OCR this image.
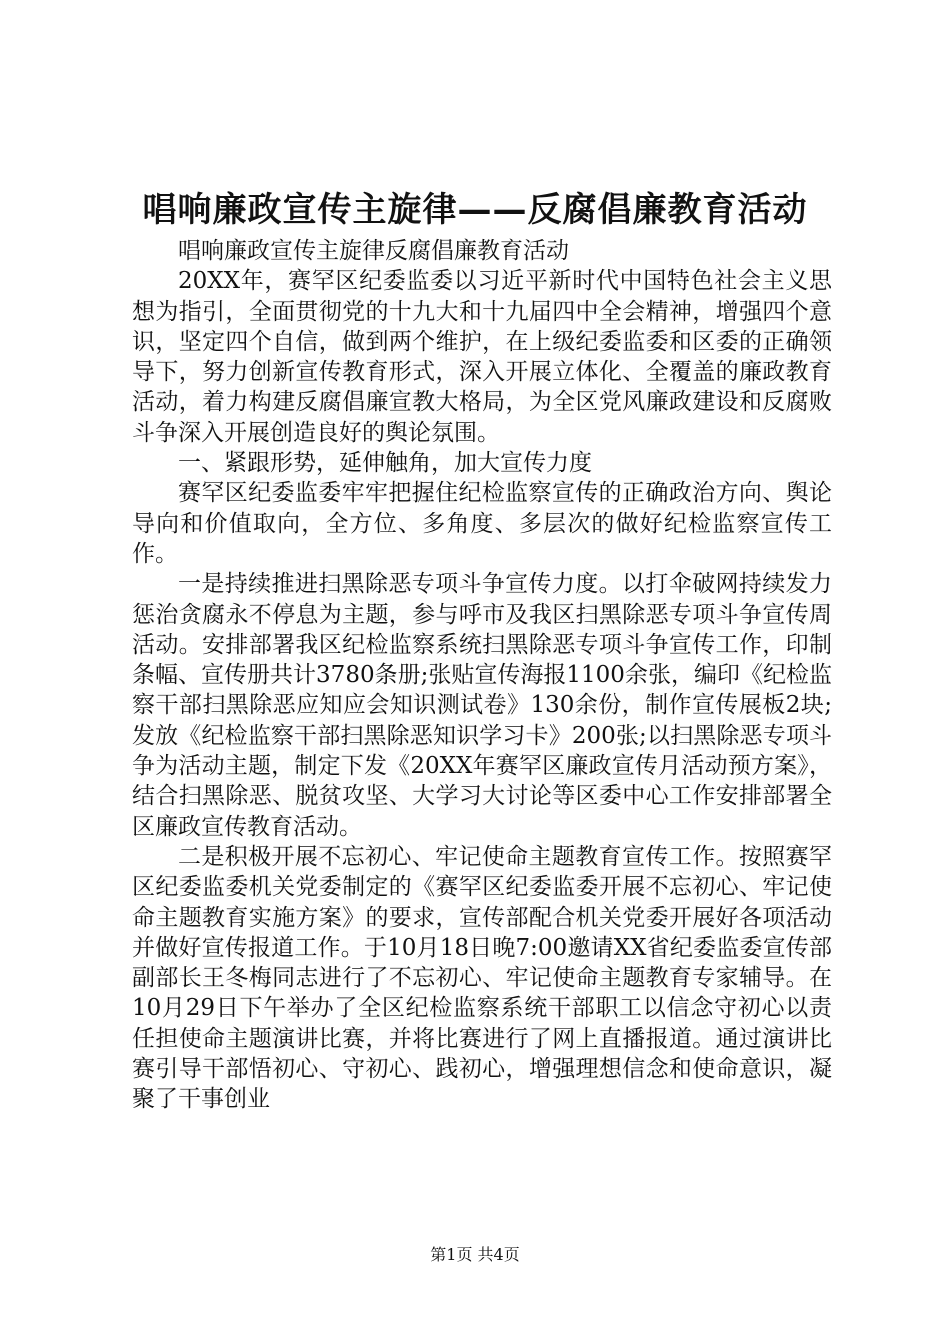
唱响廉政宣传主旋律——反腐倡廉教育活动

唱响廉政宣传主旋律反腐倡廉教育活动

20XX年，赛罕区纪委监委以习近平新时代中国特色社会主义思想为指引，全面贯彻党的十九大和十九届四中全会精神，增强四个意识，坚定四个自信，做到两个维护，在上级纪委监委和区委的正确领导下，努力创新宣传教育形式，深入开展立体化、全覆盖的廉政教育活动，着力构建反腐倡廉宣教大格局，为全区党风廉政建设和反腐败斗争深入开展创造良好的舆论氛围。

一、紧跟形势，延伸触角，加大宣传力度

赛罕区纪委监委牢牢把握住纪检监察宣传的正确政治方向、舆论导向和价值取向，全方位、多角度、多层次的做好纪检监察宣传工作。

一是持续推进扫黑除恶专项斗争宣传力度。以打伞破网持续发力惩治贪腐永不停息为主题，参与呼市及我区扫黑除恶专项斗争宣传周活动。安排部署我区纪检监察系统扫黑除恶专项斗争宣传工作，印制条幅、宣传册共计3780条册;张贴宣传海报1100余张，编印《纪检监察干部扫黑除恶应知应会知识测试卷》130余份，制作宣传展板2块;发放《纪检监察干部扫黑除恶知识学习卡》200张;以扫黑除恶专项斗争为活动主题，制定下发《20XX年赛罕区廉政宣传月活动预方案》，结合扫黑除恶、脱贫攻坚、大学习大讨论等区委中心工作安排部署全区廉政宣传教育活动。

二是积极开展不忘初心、牢记使命主题教育宣传工作。按照赛罕区纪委监委机关党委制定的《赛罕区纪委监委开展不忘初心、牢记使命主题教育实施方案》的要求，宣传部配合机关党委开展好各项活动并做好宣传报道工作。于10月18日晚7:00邀请XX省纪委监委宣传部副部长王冬梅同志进行了不忘初心、牢记使命主题教育专家辅导。在10月29日下午举办了全区纪检监察系统干部职工以信念守初心以责任担使命主题演讲比赛，并将比赛进行了网上直播报道。通过演讲比赛引导干部悟初心、守初心、践初心，增强理想信念和使命意识，凝聚了干事创业

第1页 共4页
